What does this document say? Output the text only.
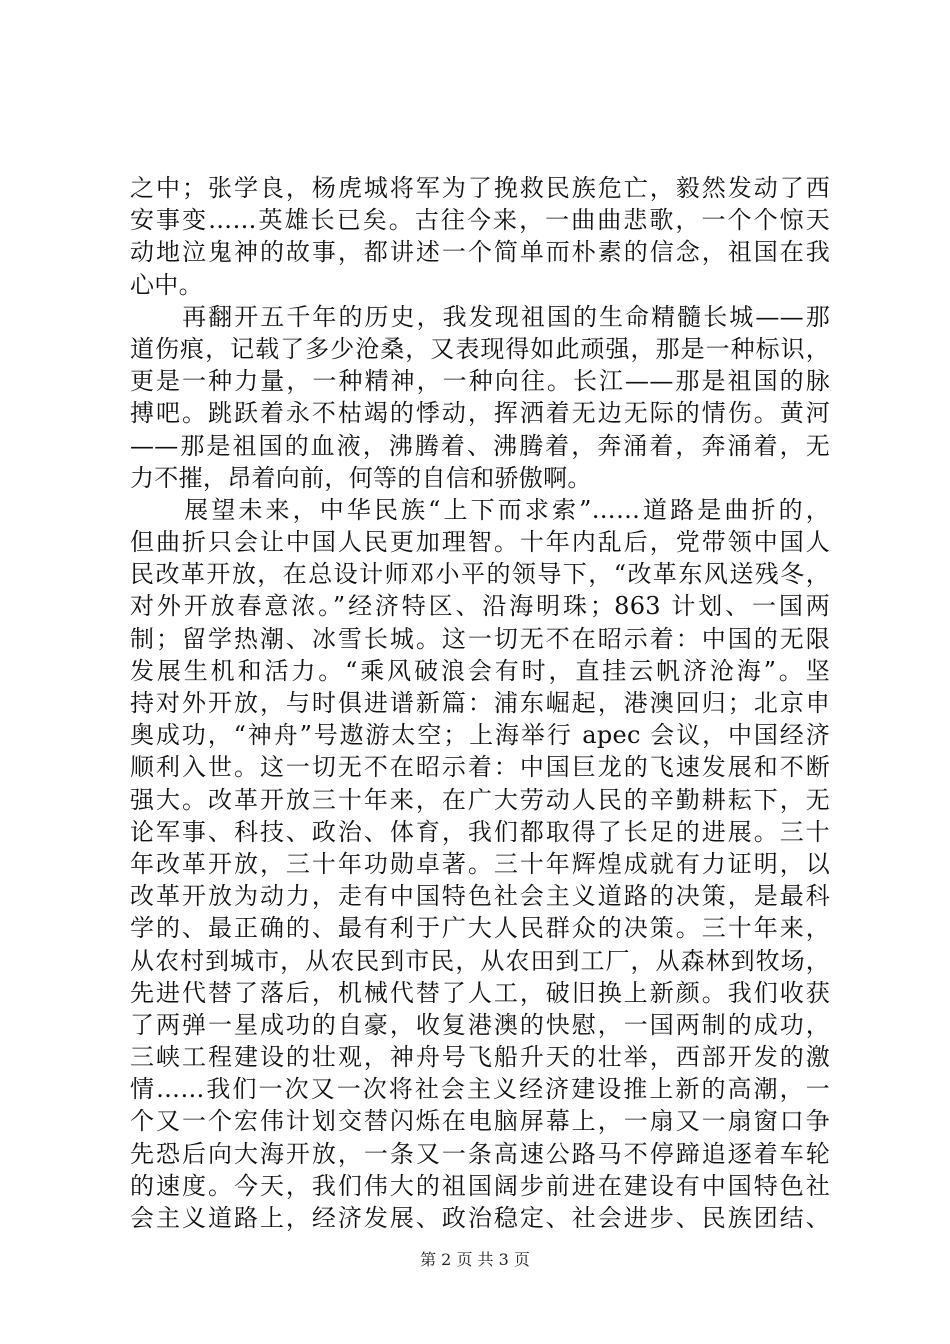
之中；张学良，杨虎城将军为了挽救民族危亡，毅然发动了西
安事变……英雄长已矣。古往今来，一曲曲悲歌，一个个惊天
动地泣鬼神的故事，都讲述一个简单而朴素的信念，祖国在我
心中。
　　再翻开五千年的历史，我发现祖国的生命精髓长城——那
道伤痕，记载了多少沧桑，又表现得如此顽强，那是一种标识，
更是一种力量，一种精神，一种向往。长江——那是祖国的脉
搏吧。跳跃着永不枯竭的悸动，挥洒着无边无际的情伤。黄河
——那是祖国的血液，沸腾着、沸腾着，奔涌着，奔涌着，无
力不摧，昂着向前，何等的自信和骄傲啊。
　　展望未来，中华民族“上下而求索”……道路是曲折的，
但曲折只会让中国人民更加理智。十年内乱后，党带领中国人
民改革开放，在总设计师邓小平的领导下，“改革东风送残冬，
对外开放春意浓。”经济特区、沿海明珠；863 计划、一国两
制；留学热潮、冰雪长城。这一切无不在昭示着：中国的无限
发展生机和活力。“乘风破浪会有时，直挂云帆济沧海”。坚
持对外开放，与时俱进谱新篇：浦东崛起，港澳回归；北京申
奥成功，“神舟”号遨游太空；上海举行 apec 会议，中国经济
顺利入世。这一切无不在昭示着：中国巨龙的飞速发展和不断
强大。改革开放三十年来，在广大劳动人民的辛勤耕耘下，无
论军事、科技、政治、体育，我们都取得了长足的进展。三十
年改革开放，三十年功勋卓著。三十年辉煌成就有力证明，以
改革开放为动力，走有中国特色社会主义道路的决策，是最科
学的、最正确的、最有利于广大人民群众的决策。三十年来，
从农村到城市，从农民到市民，从农田到工厂，从森林到牧场，
先进代替了落后，机械代替了人工，破旧换上新颜。我们收获
了两弹一星成功的自豪，收复港澳的快慰，一国两制的成功，
三峡工程建设的壮观，神舟号飞船升天的壮举，西部开发的激
情……我们一次又一次将社会主义经济建设推上新的高潮，一
个又一个宏伟计划交替闪烁在电脑屏幕上，一扇又一扇窗口争
先恐后向大海开放，一条又一条高速公路马不停蹄追逐着车轮
的速度。今天，我们伟大的祖国阔步前进在建设有中国特色社
会主义道路上，经济发展、政治稳定、社会进步、民族团结、
第 2 页 共 3 页
